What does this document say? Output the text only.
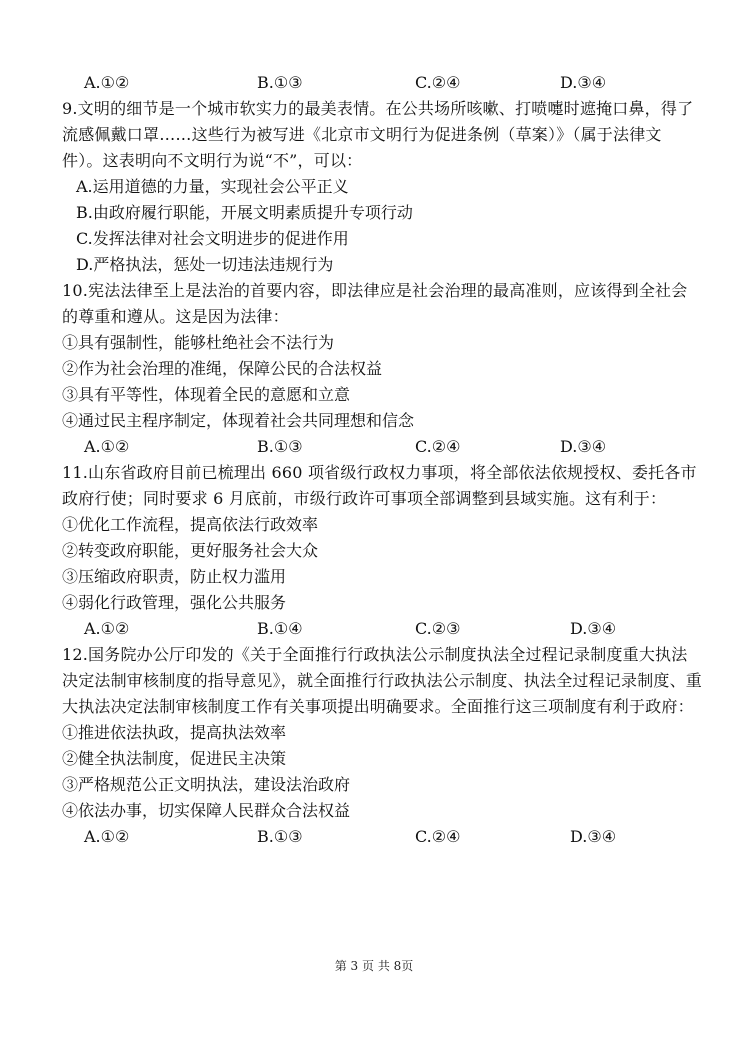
A.①②	B.①③	C.②④	D.③④
9.文明的细节是一个城市软实力的最美表情。在公共场所咳嗽、打喷嚏时遮掩口鼻，得了流感佩戴口罩……这些行为被写进《北京市文明行为促进条例（草案）》（属于法律文件）。这表明向不文明行为说“不”，可以：
A.运用道德的力量，实现社会公平正义
B.由政府履行职能，开展文明素质提升专项行动
C.发挥法律对社会文明进步的促进作用
D.严格执法，惩处一切违法违规行为
10.宪法法律至上是法治的首要内容，即法律应是社会治理的最高准则，应该得到全社会的尊重和遵从。这是因为法律：
①具有强制性，能够杜绝社会不法行为
②作为社会治理的准绳，保障公民的合法权益
③具有平等性，体现着全民的意愿和立意
④通过民主程序制定，体现着社会共同理想和信念
A.①②	B.①③	C.②④	D.③④
11.山东省政府目前已梳理出 660 项省级行政权力事项，将全部依法依规授权、委托各市政府行使；同时要求 6 月底前，市级行政许可事项全部调整到县域实施。这有利于：
①优化工作流程，提高依法行政效率
②转变政府职能，更好服务社会大众
③压缩政府职责，防止权力滥用
④弱化行政管理，强化公共服务
A.①②	B.①④	C.②③	D.③④
12.国务院办公厅印发的《关于全面推行行政执法公示制度执法全过程记录制度重大执法决定法制审核制度的指导意见》，就全面推行行政执法公示制度、执法全过程记录制度、重大执法决定法制审核制度工作有关事项提出明确要求。全面推行这三项制度有利于政府：
①推进依法执政，提高执法效率
②健全执法制度，促进民主决策
③严格规范公正文明执法，建设法治政府
④依法办事，切实保障人民群众合法权益
A.①②	B.①③	C.②④	D.③④
第 3 页 共 8页
